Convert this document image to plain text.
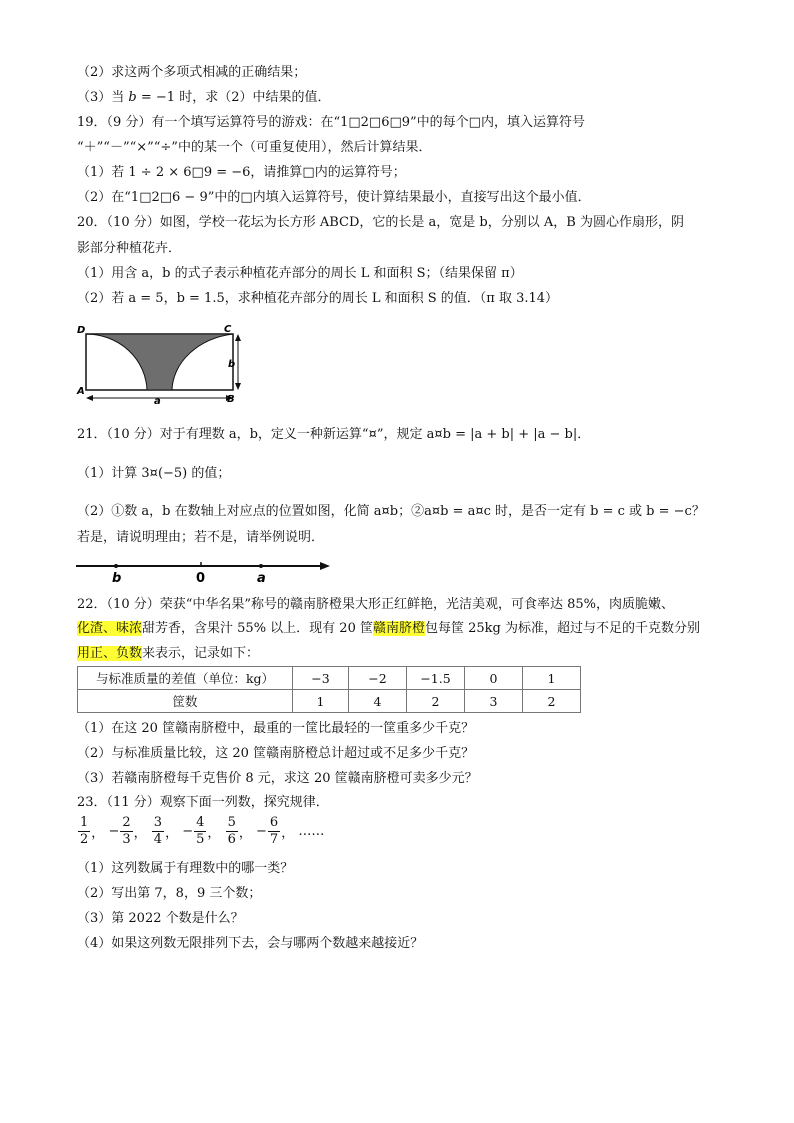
（2）求这两个多项式相减的正确结果；
（3）当 b = −1 时，求（2）中结果的值．
19．（9 分）有一个填写运算符号的游戏：在“1□2□6□9”中的每个□内，填入运算符号
“＋”“－”“×”“÷”中的某一个（可重复使用），然后计算结果．
（1）若 1 ÷ 2 × 6□9 = −6，请推算□内的运算符号；
（2）在“1□2□6 − 9”中的□内填入运算符号，使计算结果最小，直接写出这个最小值．
20．（10 分）如图，学校一花坛为长方形 ABCD，它的长是 a，宽是 b，分别以 A，B 为圆心作扇形，阴
影部分种植花卉．
（1）用含 a，b 的式子表示种植花卉部分的周长 L 和面积 S；（结果保留 π）
（2）若 a = 5，b = 1.5，求种植花卉部分的周长 L 和面积 S 的值．（π 取 3.14）
D	C
A
B
a
b
21．（10 分）对于有理数 a，b，定义一种新运算“¤”，规定 a¤b = |a + b| + |a − b|．
（1）计算 3¤(−5) 的值；
（2）①数 a，b 在数轴上对应点的位置如图，化简 a¤b；②a¤b = a¤c 时，是否一定有 b = c 或 b = −c？
若是，请说明理由；若不是，请举例说明．
b	0	a
22．（10 分）荣获“中华名果”称号的赣南脐橙果大形正红鲜艳，光洁美观，可食率达 85%，肉质脆嫩、
化渣、味浓甜芳香，含果汁 55% 以上．现有 20 筐赣南脐橙包每筐 25kg 为标准，超过与不足的千克数分别
用正、负数来表示，记录如下：
与标准质量的差值（单位：kg）	−3	−2	−1.5	0	1
筐数	1	4	2	3	2
（1）在这 20 筐赣南脐橙中，最重的一筐比最轻的一筐重多少千克？
（2）与标准质量比较，这 20 筐赣南脐橙总计超过或不足多少千克？
（3）若赣南脐橙每千克售价 8 元，求这 20 筐赣南脐橙可卖多少元？
23．（11 分）观察下面一列数，探究规律．
$\frac{1}{2}$ ， − $\frac{2}{3}$ ， $\frac{3}{4}$ ， − $\frac{4}{5}$ ， $\frac{5}{6}$ ， − $\frac{6}{7}$ ， ……
（1）这列数属于有理数中的哪一类？
（2）写出第 7，8，9 三个数；
（3）第 2022 个数是什么？
（4）如果这列数无限排列下去，会与哪两个数越来越接近？
